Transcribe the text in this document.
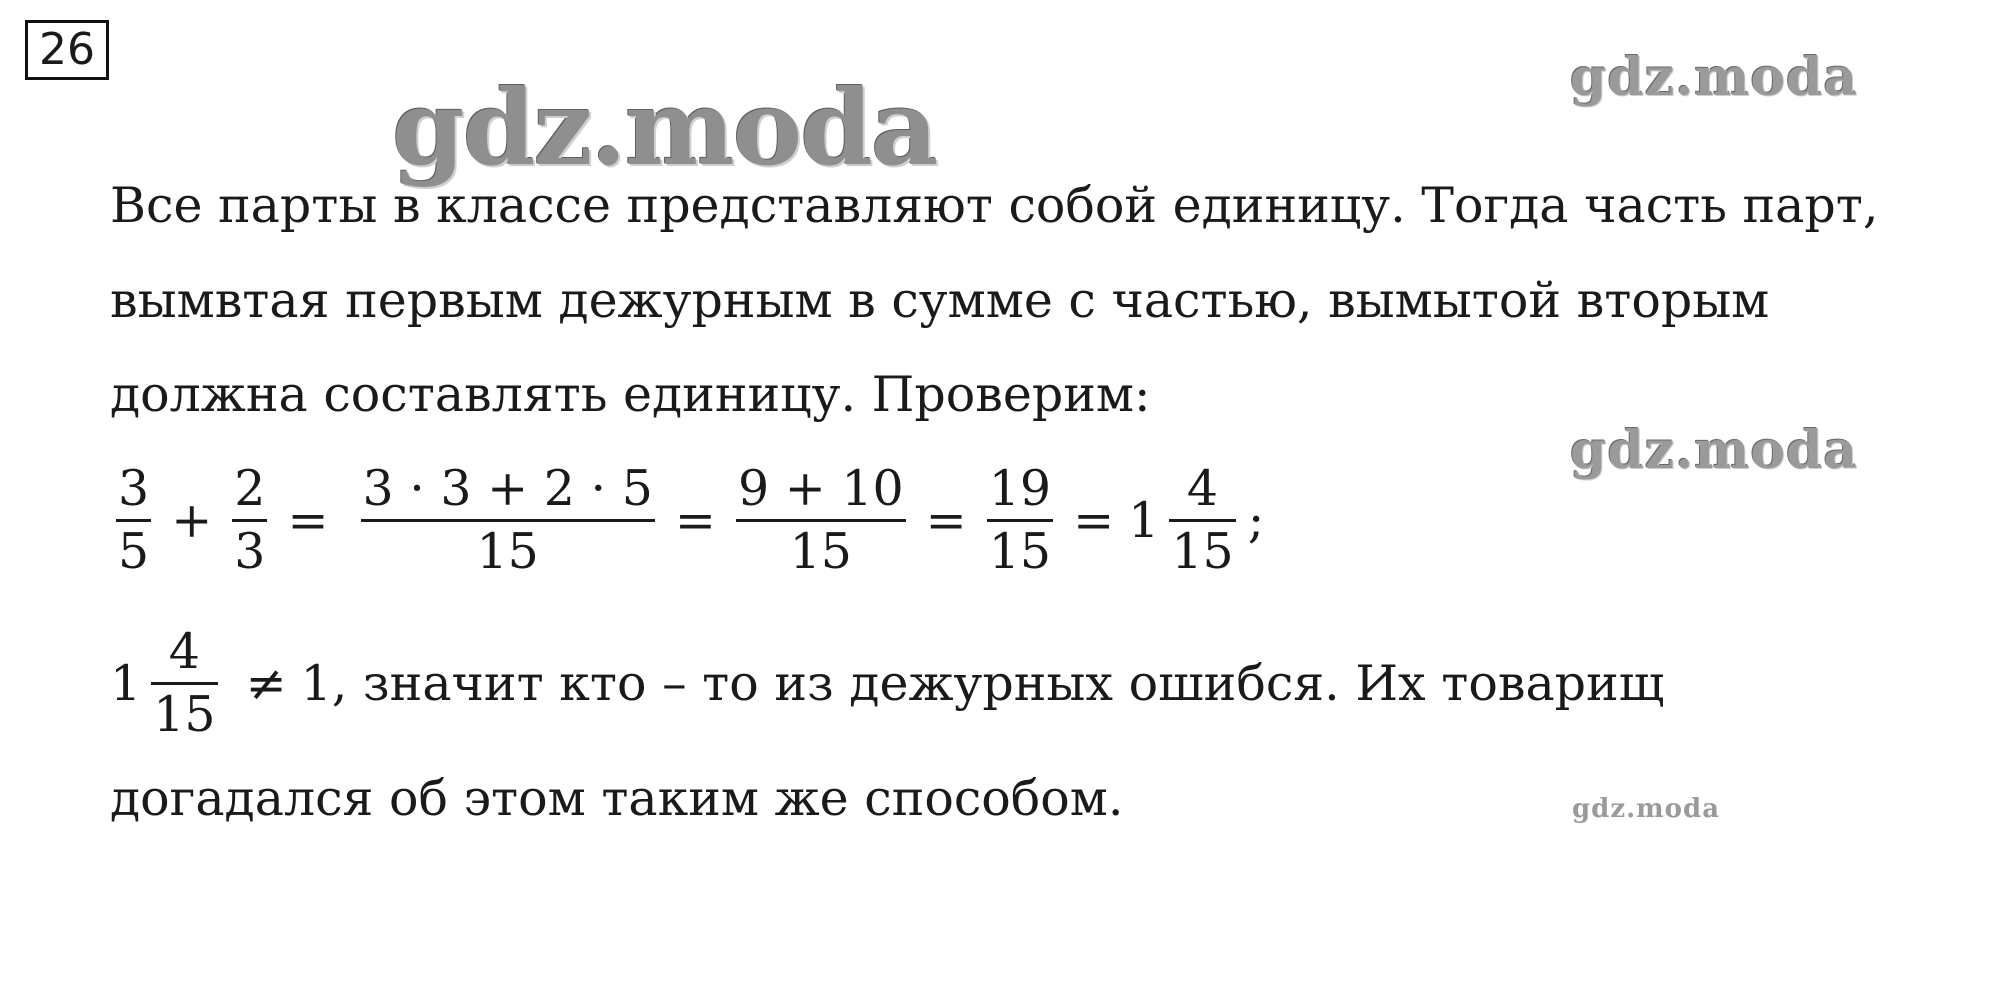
26
gdz.moda	gdz.moda
gdz.moda
gdz.moda
Все парты в классе представляют собой единицу. Тогда часть парт,
вымвтая первым дежурным в сумме с частью, вымытой вторым
должна составлять единицу. Проверим:
$\frac{3}{5} + \frac{2}{3} = \frac{3 \cdot 3 + 2 \cdot 5}{15} = \frac{9 + 10}{15} = \frac{19}{15} = 1 \frac{4}{15}$ ;
$1 \frac{4}{15} \ne 1$, значит кто – то из дежурных ошибся. Их товарищ
догадался об этом таким же способом.
